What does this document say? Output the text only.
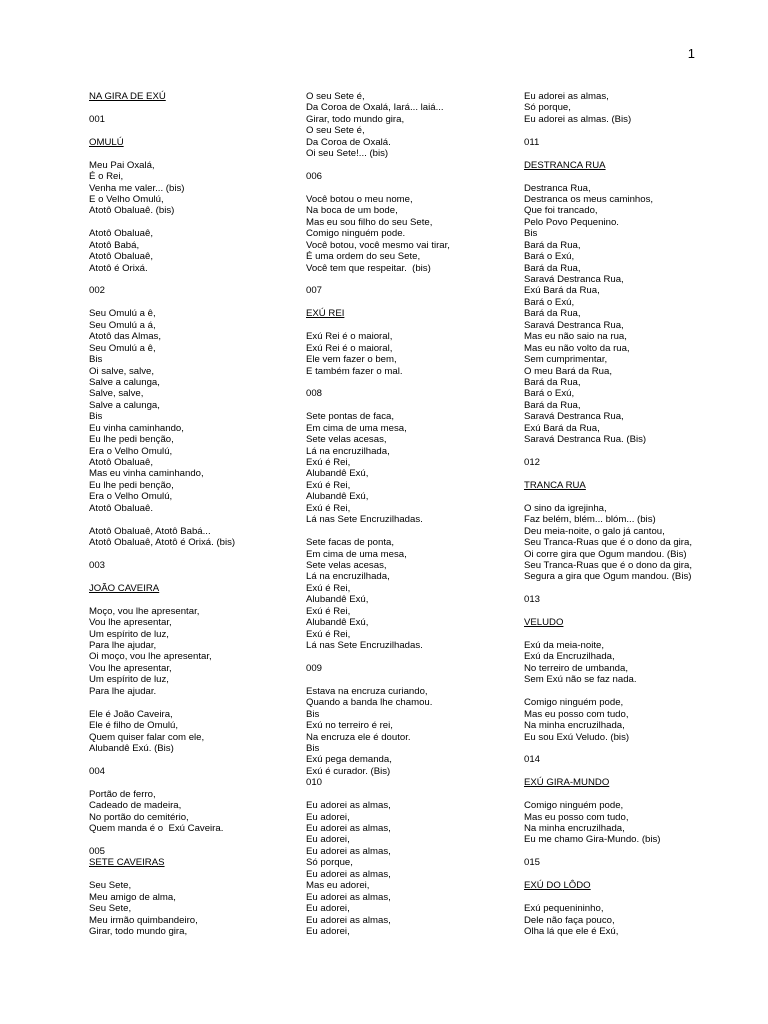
1
NA GIRA DE EXÚ
001
OMULÚ
Meu Pai Oxalá,
É o Rei,
Venha me valer... (bis)
E o Velho Omulú,
Atotô Obaluaê. (bis)
Atotô Obaluaê,
Atotô Babá,
Atotô Obaluaê,
Atotô é Orixá.
002
Seu Omulú a ê,
Seu Omulú a á,
Atotô das Almas,
Seu Omulú a ê,
Bis
Oi salve, salve,
Salve a calunga,
Salve, salve,
Salve a calunga,
Bis
Eu vinha caminhando,
Eu lhe pedi benção,
Era o Velho Omulú,
Atotô Obaluaê,
Mas eu vinha caminhando,
Eu lhe pedi benção,
Era o Velho Omulú,
Atotô Obaluaê.
Atotô Obaluaê, Atotô Babá...
Atotô Obaluaê, Atotô é Orixá. (bis)
003
JOÃO CAVEIRA
Moço, vou lhe apresentar,
Vou lhe apresentar,
Um espírito de luz,
Para lhe ajudar,
Oi moço, vou lhe apresentar,
Vou lhe apresentar,
Um espírito de luz,
Para lhe ajudar.
Ele é João Caveira,
Ele é filho de Omulú,
Quem quiser falar com ele,
Alubandê Exú. (Bis)
004
Portão de ferro,
Cadeado de madeira,
No portão do cemitério,
Quem manda é o  Exú Caveira.
005
SETE CAVEIRAS
Seu Sete,
Meu amigo de alma,
Seu Sete,
Meu irmão quimbandeiro,
Girar, todo mundo gira,
O seu Sete é,
Da Coroa de Oxalá, Iará... laiá...
Girar, todo mundo gira,
O seu Sete é,
Da Coroa de Oxalá.
Oi seu Sete!... (bis)
006
Você botou o meu nome,
Na boca de um bode,
Mas eu sou filho do seu Sete,
Comigo ninguém pode.
Você botou, você mesmo vai tirar,
É uma ordem do seu Sete,
Você tem que respeitar.  (bis)
007
EXÚ REI
Exú Rei é o maioral,
Exú Rei é o maioral,
Ele vem fazer o bem,
E também fazer o mal.
008
Sete pontas de faca,
Em cima de uma mesa,
Sete velas acesas,
Lá na encruzilhada,
Exú é Rei,
Alubandê Exú,
Exú é Rei,
Alubandê Exú,
Exú é Rei,
Lá nas Sete Encruzilhadas.
Sete facas de ponta,
Em cima de uma mesa,
Sete velas acesas,
Lá na encruzilhada,
Exú é Rei,
Alubandê Exú,
Exú é Rei,
Alubandê Exú,
Exú é Rei,
Lá nas Sete Encruzilhadas.
009
Estava na encruza curiando,
Quando a banda lhe chamou.
Bis
Exú no terreiro é rei,
Na encruza ele é doutor.
Bis
Exú pega demanda,
Exú é curador. (Bis)
010
Eu adorei as almas,
Eu adorei,
Eu adorei as almas,
Eu adorei,
Eu adorei as almas,
Só porque,
Eu adorei as almas,
Mas eu adorei,
Eu adorei as almas,
Eu adorei,
Eu adorei as almas,
Eu adorei,
Eu adorei as almas,
Só porque,
Eu adorei as almas. (Bis)
011
DESTRANCA RUA
Destranca Rua,
Destranca os meus caminhos,
Que foi trancado,
Pelo Povo Pequenino.
Bis
Bará da Rua,
Bará o Exú,
Bará da Rua,
Saravá Destranca Rua,
Exú Bará da Rua,
Bará o Exú,
Bará da Rua,
Saravá Destranca Rua,
Mas eu não saio na rua,
Mas eu não volto da rua,
Sem cumprimentar,
O meu Bará da Rua,
Bará da Rua,
Bará o Exú,
Bará da Rua,
Saravá Destranca Rua,
Exú Bará da Rua,
Saravá Destranca Rua. (Bis)
012
TRANCA RUA
O sino da igrejinha,
Faz belém, blém... blóm... (bis)
Deu meia-noite, o galo já cantou,
Seu Tranca-Ruas que é o dono da gira,
Oi corre gira que Ogum mandou. (Bis)
Seu Tranca-Ruas que é o dono da gira,
Segura a gira que Ogum mandou. (Bis)
013
VELUDO
Exú da meia-noite,
Exú da Encruzilhada,
No terreiro de umbanda,
Sem Exú não se faz nada.
Comigo ninguém pode,
Mas eu posso com tudo,
Na minha encruzilhada,
Eu sou Exú Veludo. (bis)
014
EXÚ GIRA-MUNDO
Comigo ninguém pode,
Mas eu posso com tudo,
Na minha encruzilhada,
Eu me chamo Gira-Mundo. (bis)
015
EXÚ DO LÔDO
Exú pequenininho,
Dele não faça pouco,
Olha lá que ele é Exú,
